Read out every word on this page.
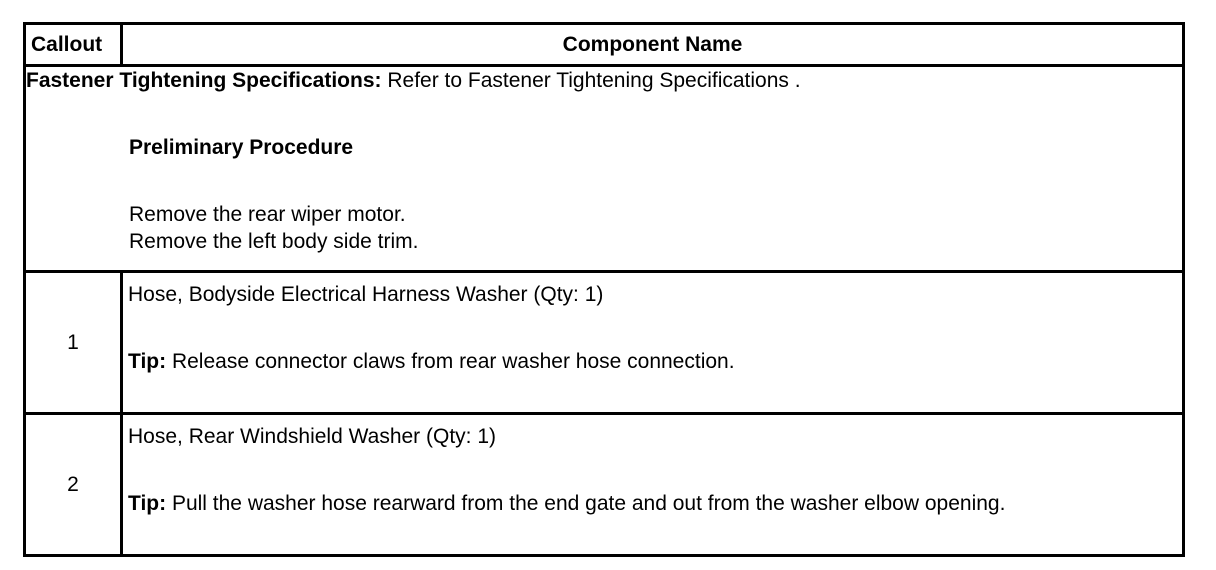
Callout	Component Name

Fastener Tightening Specifications: Refer to Fastener Tightening Specifications .
Preliminary Procedure
Remove the rear wiper motor.
Remove the left body side trim.	

1	Hose, Bodyside Electrical Harness Washer (Qty: 1)
Tip: Release connector claws from rear washer hose connection.

2	Hose, Rear Windshield Washer (Qty: 1)
Tip: Pull the washer hose rearward from the end gate and out from the washer elbow opening.
